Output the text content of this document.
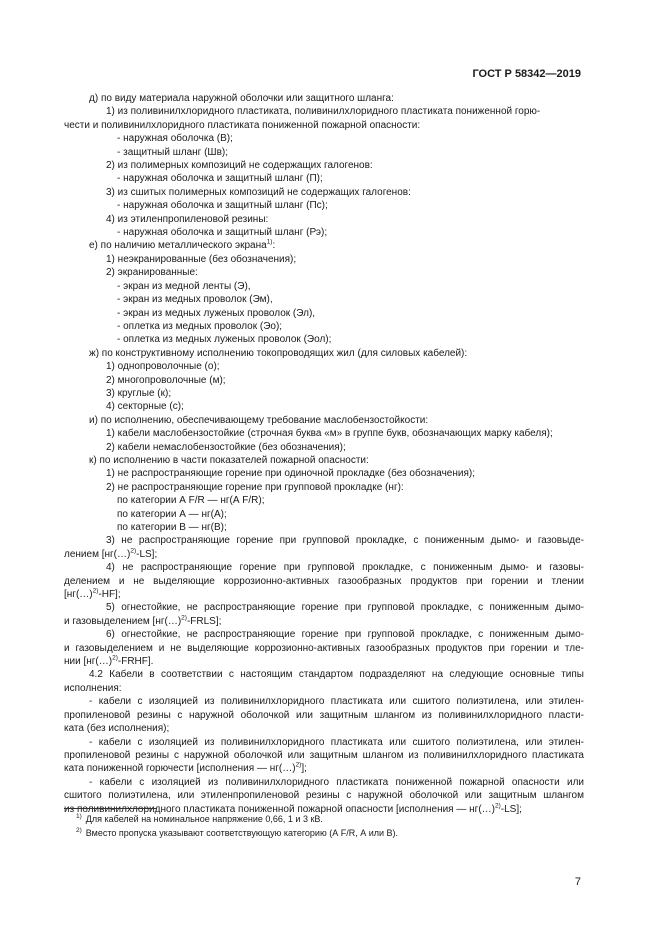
ГОСТ Р 58342—2019
д) по виду материала наружной оболочки или защитного шланга:
1) из поливинилхлоридного пластиката, поливинилхлоридного пластиката пониженной горю-
чести и поливинилхлоридного пластиката пониженной пожарной опасности:
- наружная оболочка (В);
- защитный шланг (Шв);
2) из полимерных композиций не содержащих галогенов:
- наружная оболочка и защитный шланг (П);
3) из сшитых полимерных композиций не содержащих галогенов:
- наружная оболочка и защитный шланг (Пс);
4) из этиленпропиленовой резины:
- наружная оболочка и защитный шланг (Рэ);
е) по наличию металлического экрана$^{1)}$:
1) неэкранированные (без обозначения);
2) экранированные:
- экран из медной ленты (Э),
- экран из медных проволок (Эм),
- экран из медных луженых проволок (Эл),
- оплетка из медных проволок (Эо);
- оплетка из медных луженых проволок (Эол);
ж) по конструктивному исполнению токопроводящих жил (для силовых кабелей):
1) однопроволочные (о);
2) многопроволочные (м);
3) круглые (к);
4) секторные (с);
и) по исполнению, обеспечивающему требование маслобензостойкости:
1) кабели маслобензостойкие (строчная буква «м» в группе букв, обозначающих марку кабеля);
2) кабели немаслобензостойкие (без обозначения);
к) по исполнению в части показателей пожарной опасности:
1) не распространяющие горение при одиночной прокладке (без обозначения);
2) не распространяющие горение при групповой прокладке (нг):
по категории А F/R — нг(А F/R);
по категории А — нг(А);
по категории В — нг(В);
3) не распространяющие горение при групповой прокладке, с пониженным дымо- и газовыде-
лением [нг(…)$^{2)}$-LS];
4) не распространяющие горение при групповой прокладке, с пониженным дымо- и газовы-
делением и не выделяющие коррозионно-активных газообразных продуктов при горении и тлении
[нг(…)$^{2)}$-HF];
5) огнестойкие, не распространяющие горение при групповой прокладке, с пониженным дымо-
и газовыделением [нг(…)$^{2)}$-FRLS];
6) огнестойкие, не распространяющие горение при групповой прокладке, с пониженным дымо-
и газовыделением и не выделяющие коррозионно-активных газообразных продуктов при горении и тле-
нии [нг(…)$^{2)}$-FRHF].
4.2 Кабели в соответствии с настоящим стандартом подразделяют на следующие основные типы
исполнения:
- кабели с изоляцией из поливинилхлоридного пластиката или сшитого полиэтилена, или этилен-
пропиленовой резины с наружной оболочкой или защитным шлангом из поливинилхлоридного пласти-
ката (без исполнения);
- кабели с изоляцией из поливинилхлоридного пластиката или сшитого полиэтилена, или этилен-
пропиленовой резины с наружной оболочкой или защитным шлангом из поливинилхлоридного пластиката
ката пониженной горючести [исполнения — нг(…)$^{2)}$];
- кабели с изоляцией из поливинилхлоридного пластиката пониженной пожарной опасности или
сшитого полиэтилена, или этиленпропиленовой резины с наружной оболочкой или защитным шлангом
из поливинилхлоридного пластиката пониженной пожарной опасности [исполнения — нг(…)$^{2)}$-LS];
$^{1)}$ Для кабелей на номинальное напряжение 0,66, 1 и 3 кВ.
$^{2)}$ Вместо пропуска указывают соответствующую категорию (А F/R, А или В).
7
